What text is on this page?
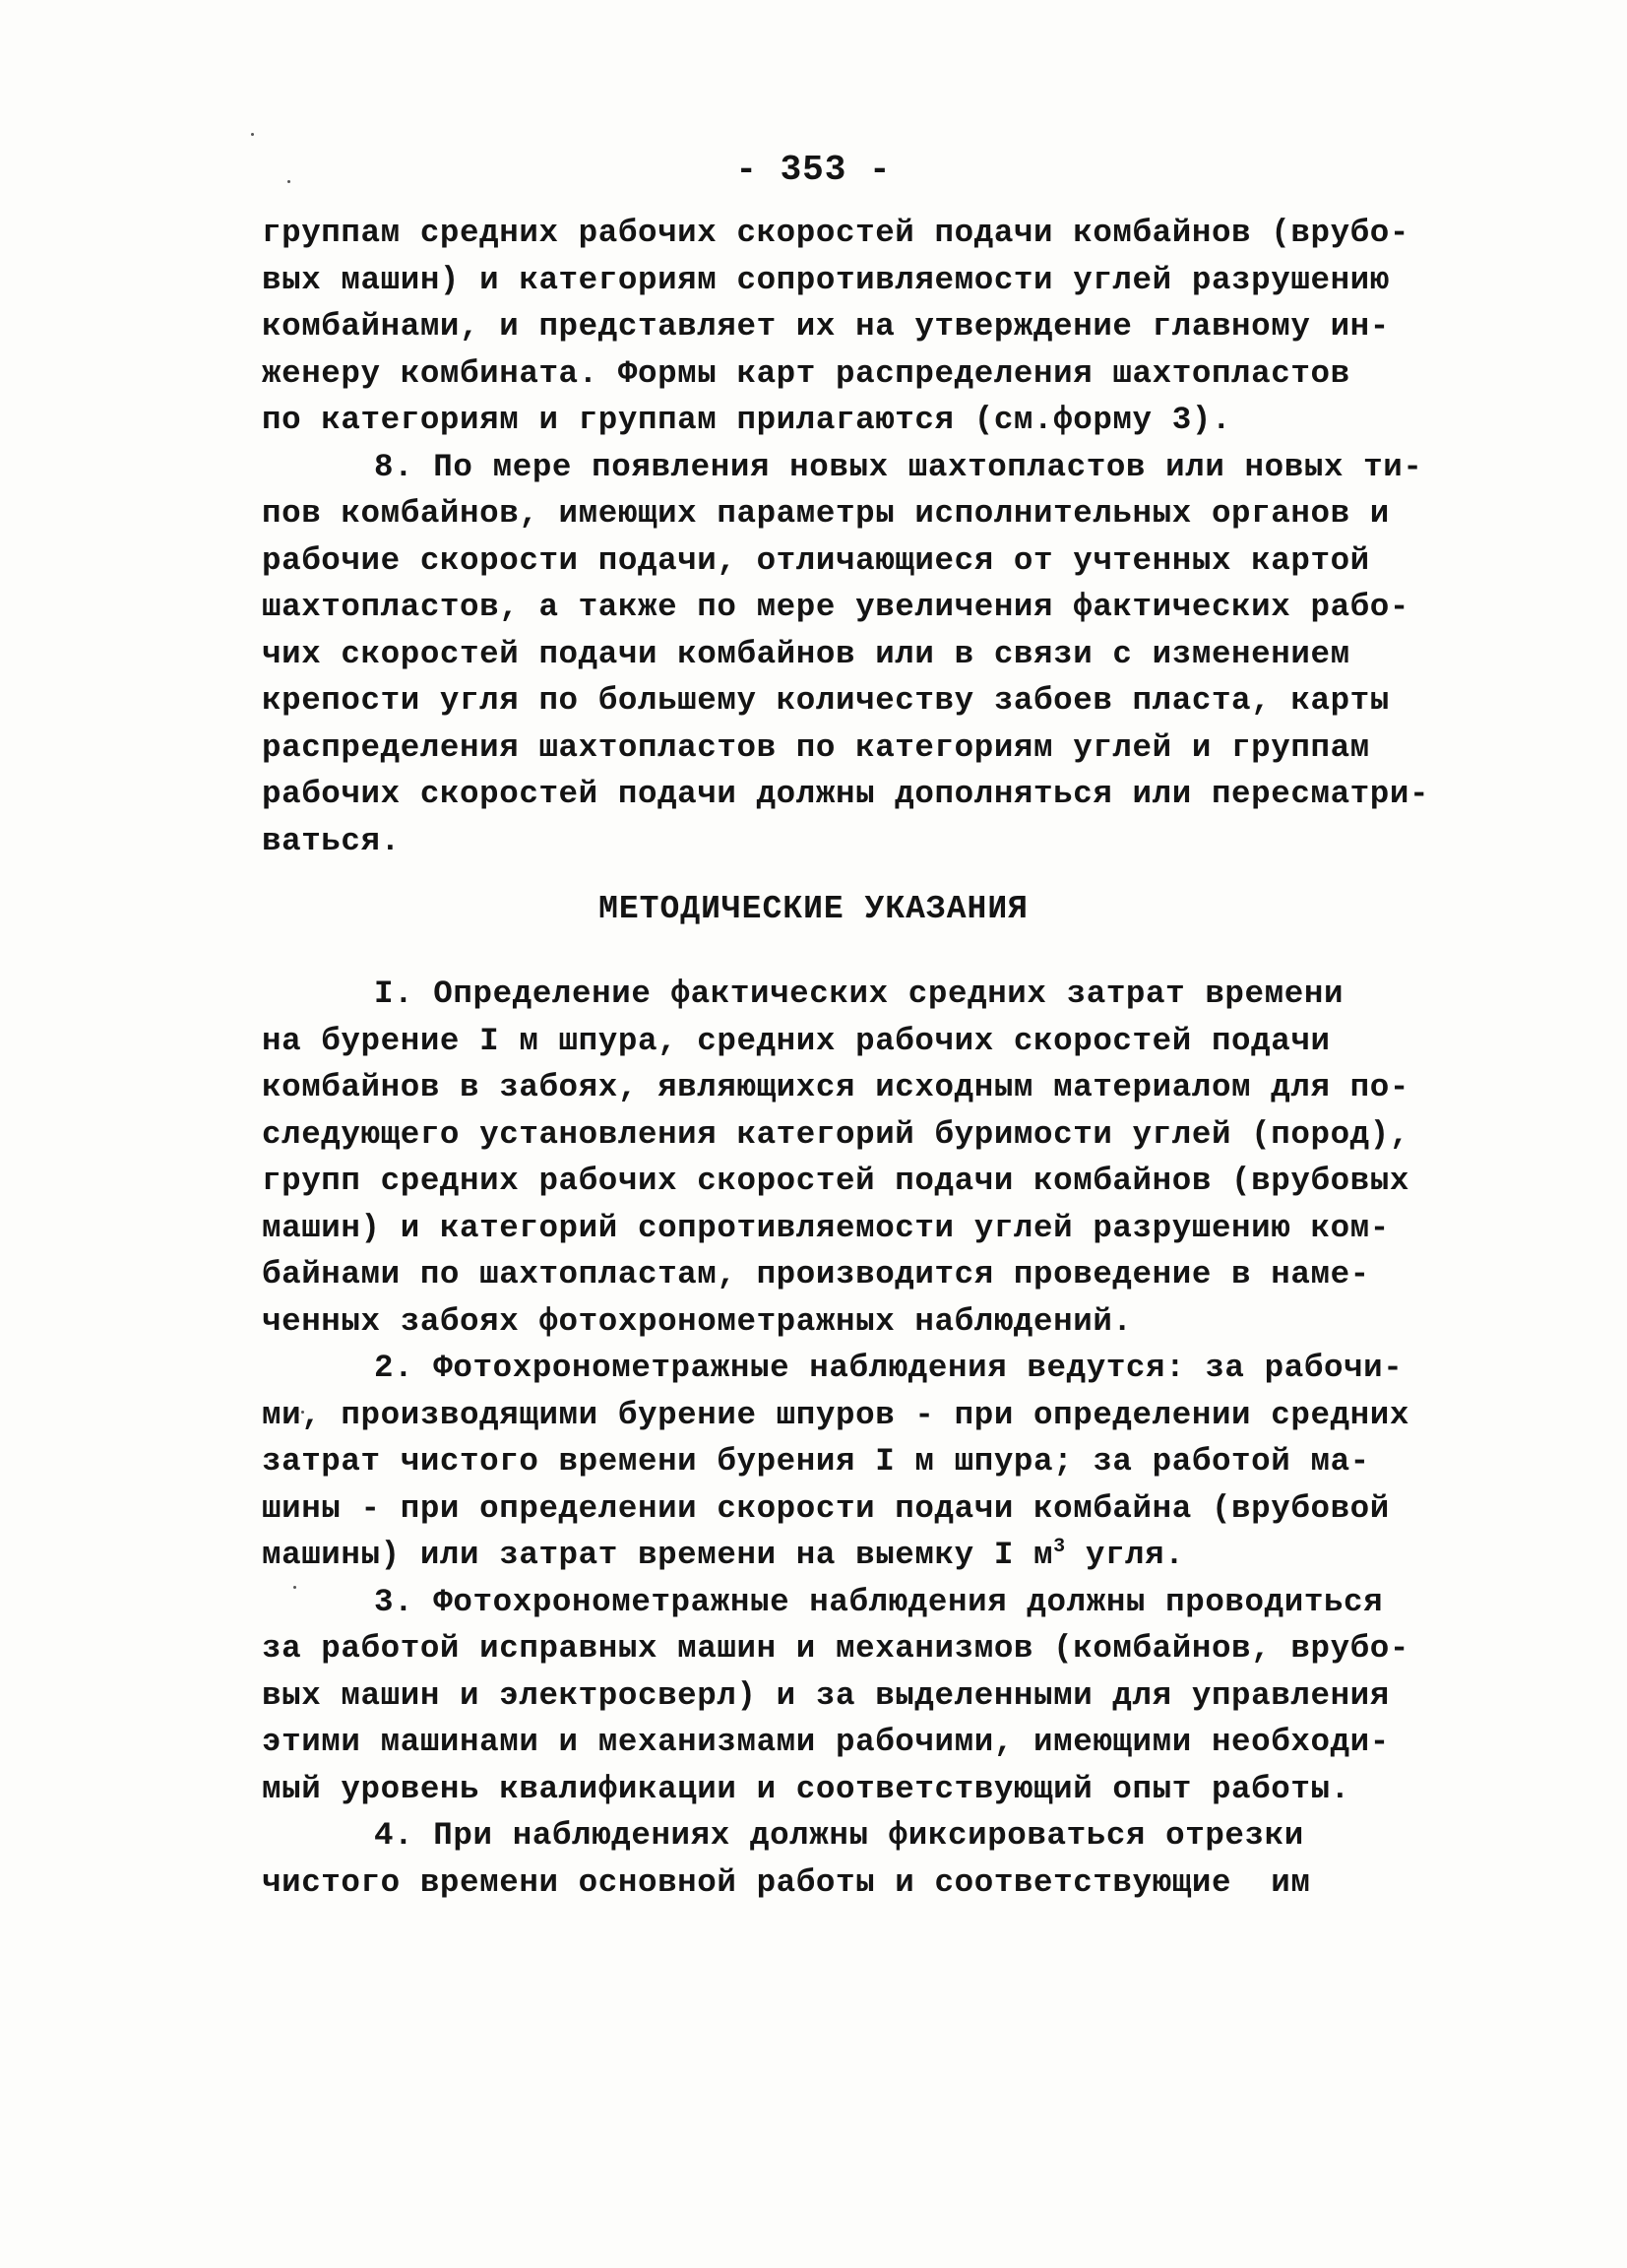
- 353 -
группам средних рабочих скоростей подачи комбайнов (врубо-
вых машин) и категориям сопротивляемости углей разрушению
комбайнами, и представляет их на утверждение главному ин-
женеру комбината. Формы карт распределения шахтопластов
по категориям и группам прилагаются (см.форму 3).
8. По мере появления новых шахтопластов или новых ти-
пов комбайнов, имеющих параметры исполнительных органов и
рабочие скорости подачи, отличающиеся от учтенных картой
шахтопластов, а также по мере увеличения фактических рабо-
чих скоростей подачи комбайнов или в связи с изменением
крепости угля по большему количеству забоев пласта, карты
распределения шахтопластов по категориям углей и группам
рабочих скоростей подачи должны дополняться или пересматри-
ваться.
МЕТОДИЧЕСКИЕ УКАЗАНИЯ
I. Определение фактических средних затрат времени
на бурение I м шпура, средних рабочих скоростей подачи
комбайнов в забоях, являющихся исходным материалом для по-
следующего установления категорий буримости углей (пород),
групп средних рабочих скоростей подачи комбайнов (врубовых
машин) и категорий сопротивляемости углей разрушению ком-
байнами по шахтопластам, производится проведение в наме-
ченных забоях фотохронометражных наблюдений.
2. Фотохронометражные наблюдения ведутся: за рабочи-
ми, производящими бурение шпуров - при определении средних
затрат чистого времени бурения I м шпура; за работой ма-
шины - при определении скорости подачи комбайна (врубовой
машины) или затрат времени на выемку I $м^3$ угля.
3. Фотохронометражные наблюдения должны проводиться
за работой исправных машин и механизмов (комбайнов, врубо-
вых машин и электросверл) и за выделенными для управления
этими машинами и механизмами рабочими, имеющими необходи-
мый уровень квалификации и соответствующий опыт работы.
4. При наблюдениях должны фиксироваться отрезки
чистого времени основной работы и соответствующие  им
